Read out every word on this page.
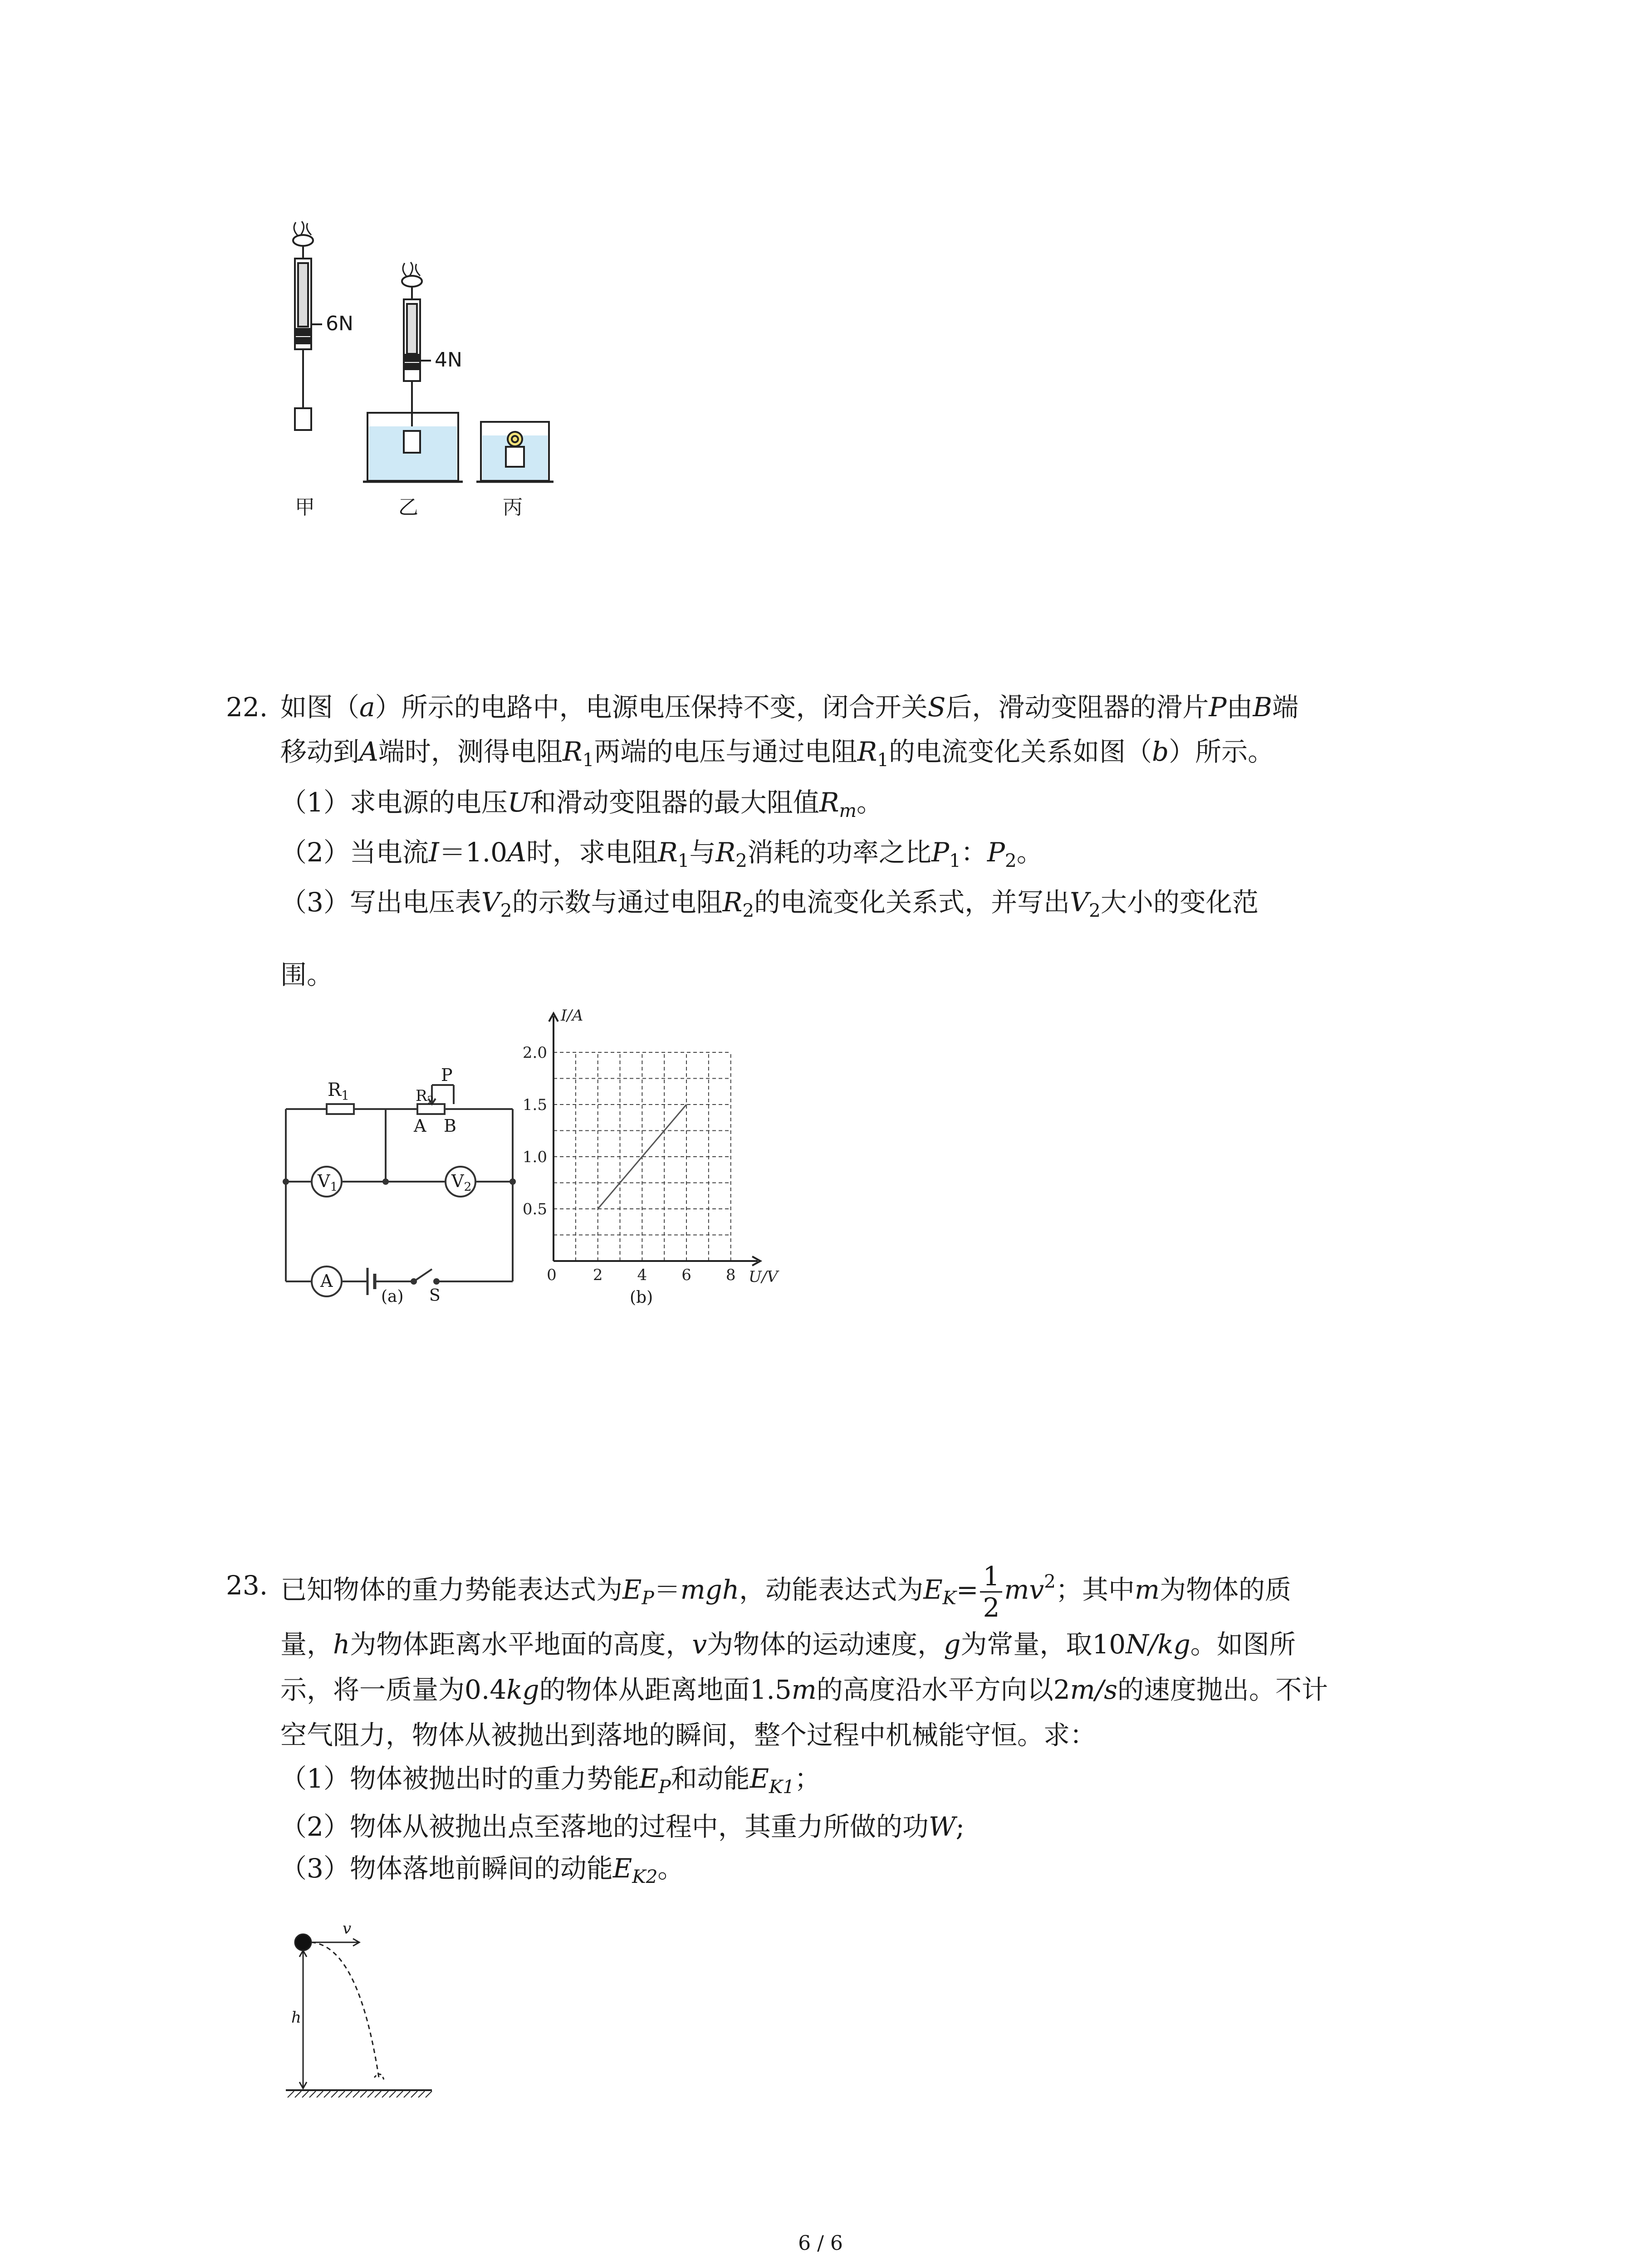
6N
4N
甲	乙	丙
22. 如图（a）所示的电路中，电源电压保持不变，闭合开关S后，滑动变阻器的滑片P由B端
移动到A端时，测得电阻$R_1$两端的电压与通过电阻$R_1$的电流变化关系如图（b）所示。
（1）求电源的电压U和滑动变阻器的最大阻值$R_m$。
（2）当电流I＝1.0A时，求电阻$R_1$与$R_2$消耗的功率之比$P_1$：$P_2$。
（3）写出电压表$V_2$的示数与通过电阻$R_2$的电流变化关系式，并写出$V_2$大小的变化范
围。
$R_1$	$R_2$
P
A B
$V_1$	$V_2$
A
S
(a)
0 2 4 6 8
0.5
1.0
1.5
2.0
I/A
U/V
(b)
23. 已知物体的重力势能表达式为$E_P=mgh$，动能表达式为$E_K= \frac{1}{2} mv^2$；其中m为物体的质
量，h为物体距离水平地面的高度，v为物体的运动速度，g为常量，取10N/kg。如图所
示，将一质量为0.4kg的物体从距离地面1.5m的高度沿水平方向以2m/s的速度抛出。不计
空气阻力，物体从被抛出到落地的瞬间，整个过程中机械能守恒。求：
（1）物体被抛出时的重力势能$E_P$和动能$E_{K1}$；
（2）物体从被抛出点至落地的过程中，其重力所做的功W;
（3）物体落地前瞬间的动能$E_{K2}$。
v
h
6 / 6
